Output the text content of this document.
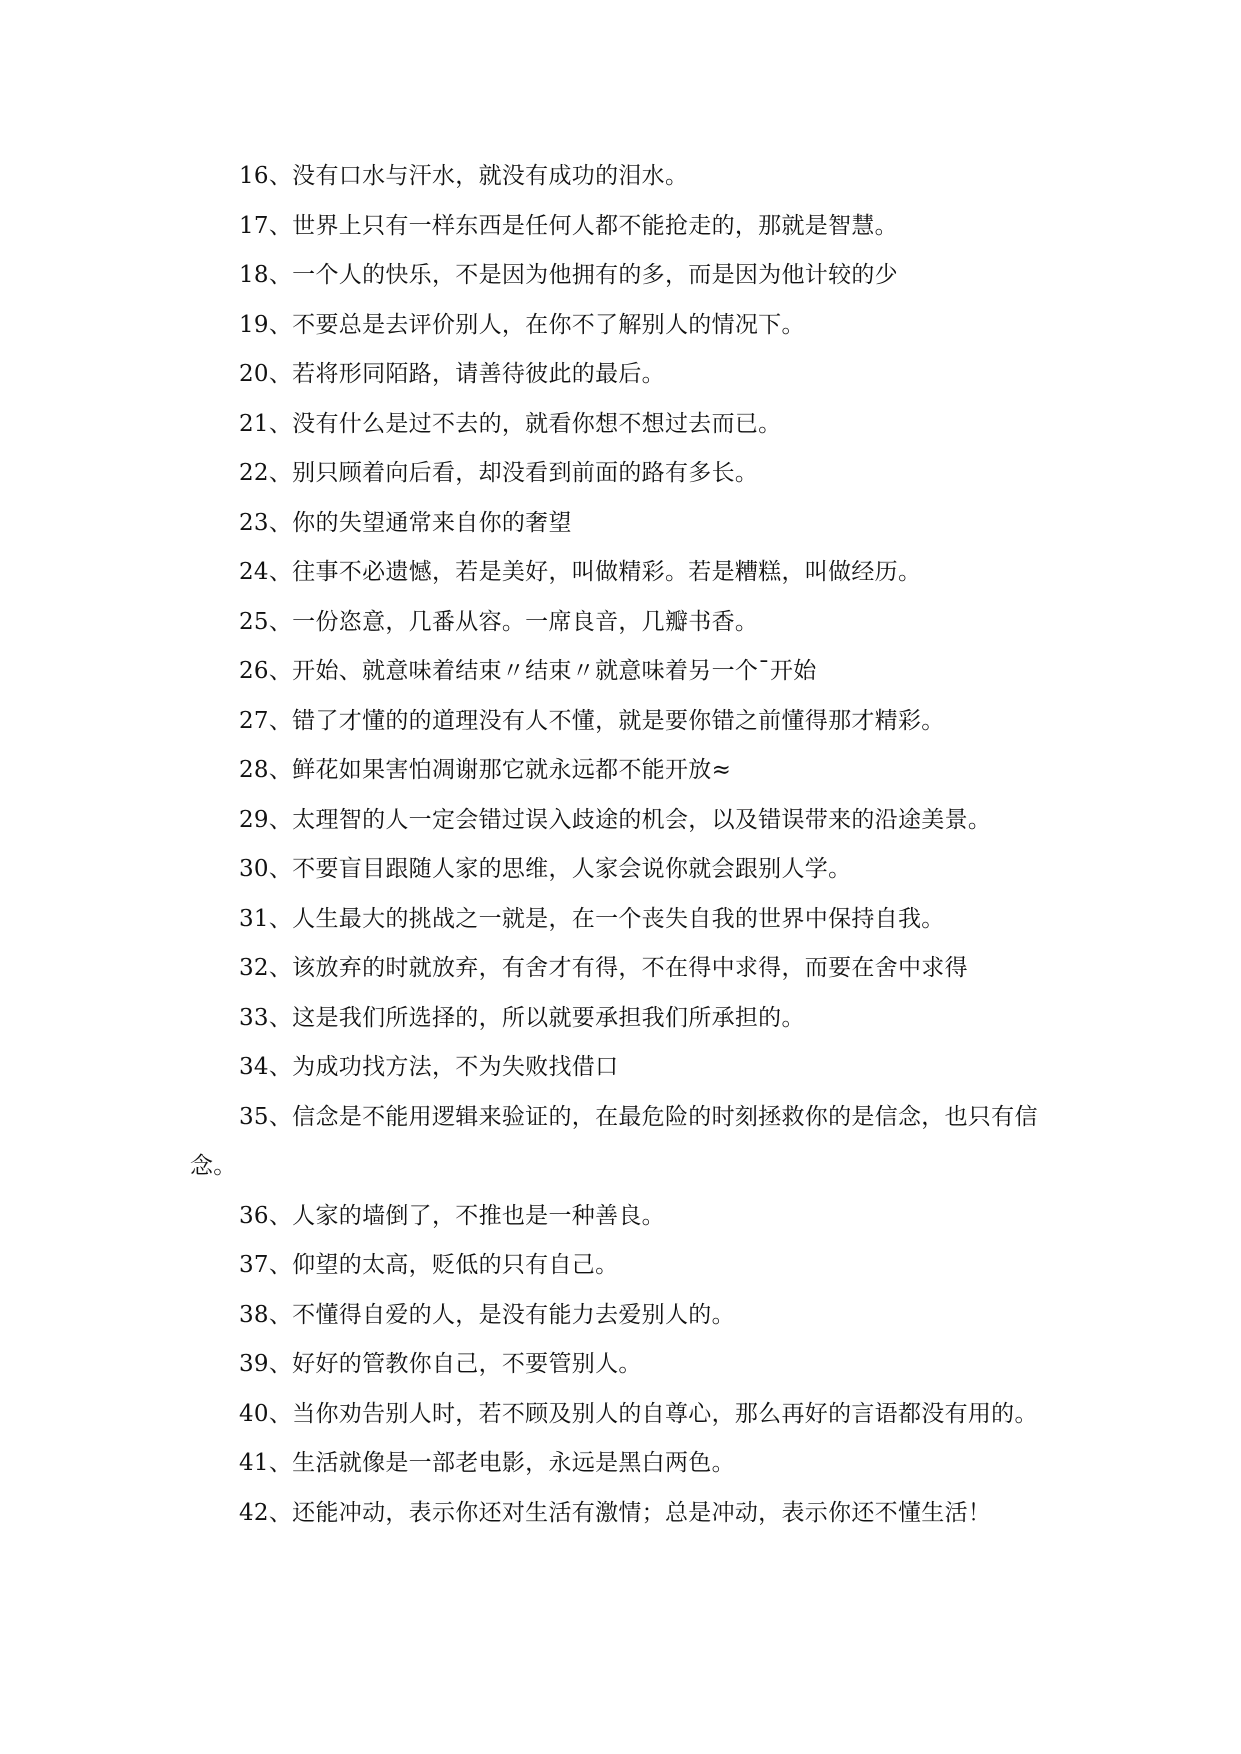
16、没有口水与汗水，就没有成功的泪水。

17、世界上只有一样东西是任何人都不能抢走的，那就是智慧。

18、一个人的快乐，不是因为他拥有的多，而是因为他计较的少

19、不要总是去评价别人，在你不了解别人的情况下。

20、若将形同陌路，请善待彼此的最后。

21、没有什么是过不去的，就看你想不想过去而已。

22、别只顾着向后看，却没看到前面的路有多长。

23、你的失望通常来自你的奢望

24、往事不必遗憾，若是美好，叫做精彩。若是糟糕，叫做经历。

25、一份恣意，几番从容。一席良音，几瓣书香。

26、开始、就意味着结束〃结束〃就意味着另一个¯开始

27、错了才懂的的道理没有人不懂，就是要你错之前懂得那才精彩。

28、鲜花如果害怕凋谢那它就永远都不能开放≈

29、太理智的人一定会错过误入歧途的机会，以及错误带来的沿途美景。

30、不要盲目跟随人家的思维，人家会说你就会跟别人学。

31、人生最大的挑战之一就是，在一个丧失自我的世界中保持自我。

32、该放弃的时就放弃，有舍才有得，不在得中求得，而要在舍中求得

33、这是我们所选择的，所以就要承担我们所承担的。

34、为成功找方法，不为失败找借口

35、信念是不能用逻辑来验证的，在最危险的时刻拯救你的是信念，也只有信念。

36、人家的墙倒了，不推也是一种善良。

37、仰望的太高，贬低的只有自己。

38、不懂得自爱的人，是没有能力去爱别人的。

39、好好的管教你自己，不要管别人。

40、当你劝告别人时，若不顾及别人的自尊心，那么再好的言语都没有用的。

41、生活就像是一部老电影，永远是黑白两色。

42、还能冲动，表示你还对生活有激情；总是冲动，表示你还不懂生活！
